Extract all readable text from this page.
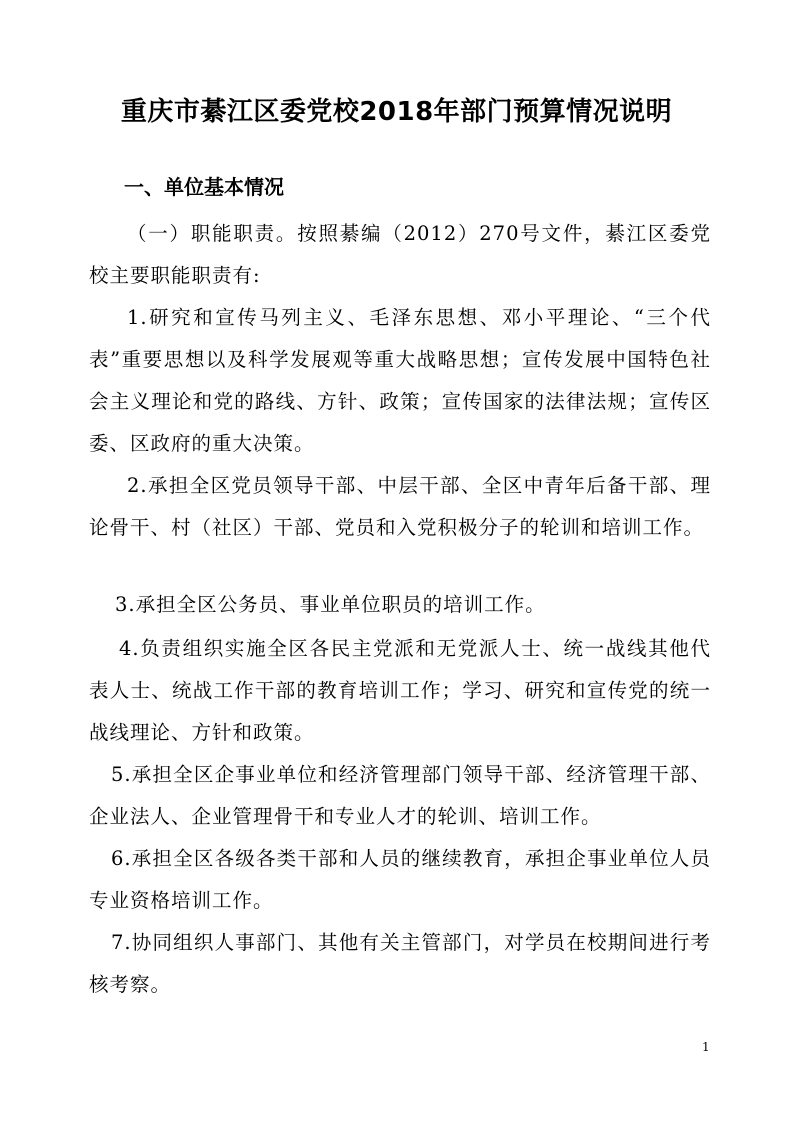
重庆市綦江区委党校2018年部门预算情况说明
一、单位基本情况

（一）职能职责。按照綦编（2012）270号文件，綦江区委党校主要职能职责有:

1.研究和宣传马列主义、毛泽东思想、邓小平理论、“三个代表”重要思想以及科学发展观等重大战略思想；宣传发展中国特色社会主义理论和党的路线、方针、政策；宣传国家的法律法规；宣传区委、区政府的重大决策。

2.承担全区党员领导干部、中层干部、全区中青年后备干部、理论骨干、村（社区）干部、党员和入党积极分子的轮训和培训工作。

3.承担全区公务员、事业单位职员的培训工作。

4.负责组织实施全区各民主党派和无党派人士、统一战线其他代表人士、统战工作干部的教育培训工作；学习、研究和宣传党的统一战线理论、方针和政策。

5.承担全区企事业单位和经济管理部门领导干部、经济管理干部、企业法人、企业管理骨干和专业人才的轮训、培训工作。

6.承担全区各级各类干部和人员的继续教育，承担企事业单位人员专业资格培训工作。

7.协同组织人事部门、其他有关主管部门，对学员在校期间进行考核考察。

1
